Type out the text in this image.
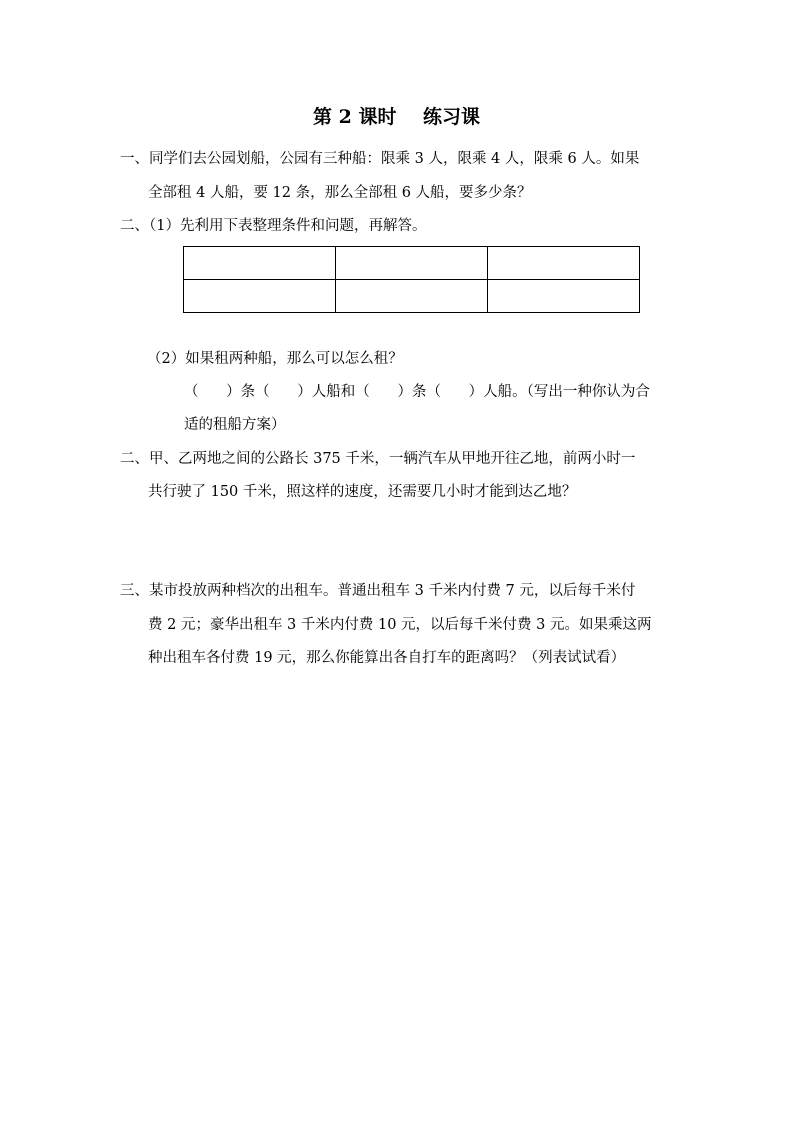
第 2 课时    练习课
一、同学们去公园划船，公园有三种船：限乘 3 人，限乘 4 人，限乘 6 人。如果
全部租 4 人船，要 12 条，那么全部租 6 人船，要多少条？
二、（1）先利用下表整理条件和问题，再解答。

（2）如果租两种船，那么可以怎么租？
（      ）条（      ）人船和（      ）条（      ）人船。（写出一种你认为合
适的租船方案）
二、甲、乙两地之间的公路长 375 千米，一辆汽车从甲地开往乙地，前两小时一
共行驶了 150 千米，照这样的速度，还需要几小时才能到达乙地？
三、某市投放两种档次的出租车。普通出租车 3 千米内付费 7 元，以后每千米付
费 2 元；豪华出租车 3 千米内付费 10 元，以后每千米付费 3 元。如果乘这两
种出租车各付费 19 元，那么你能算出各自打车的距离吗？（列表试试看）
